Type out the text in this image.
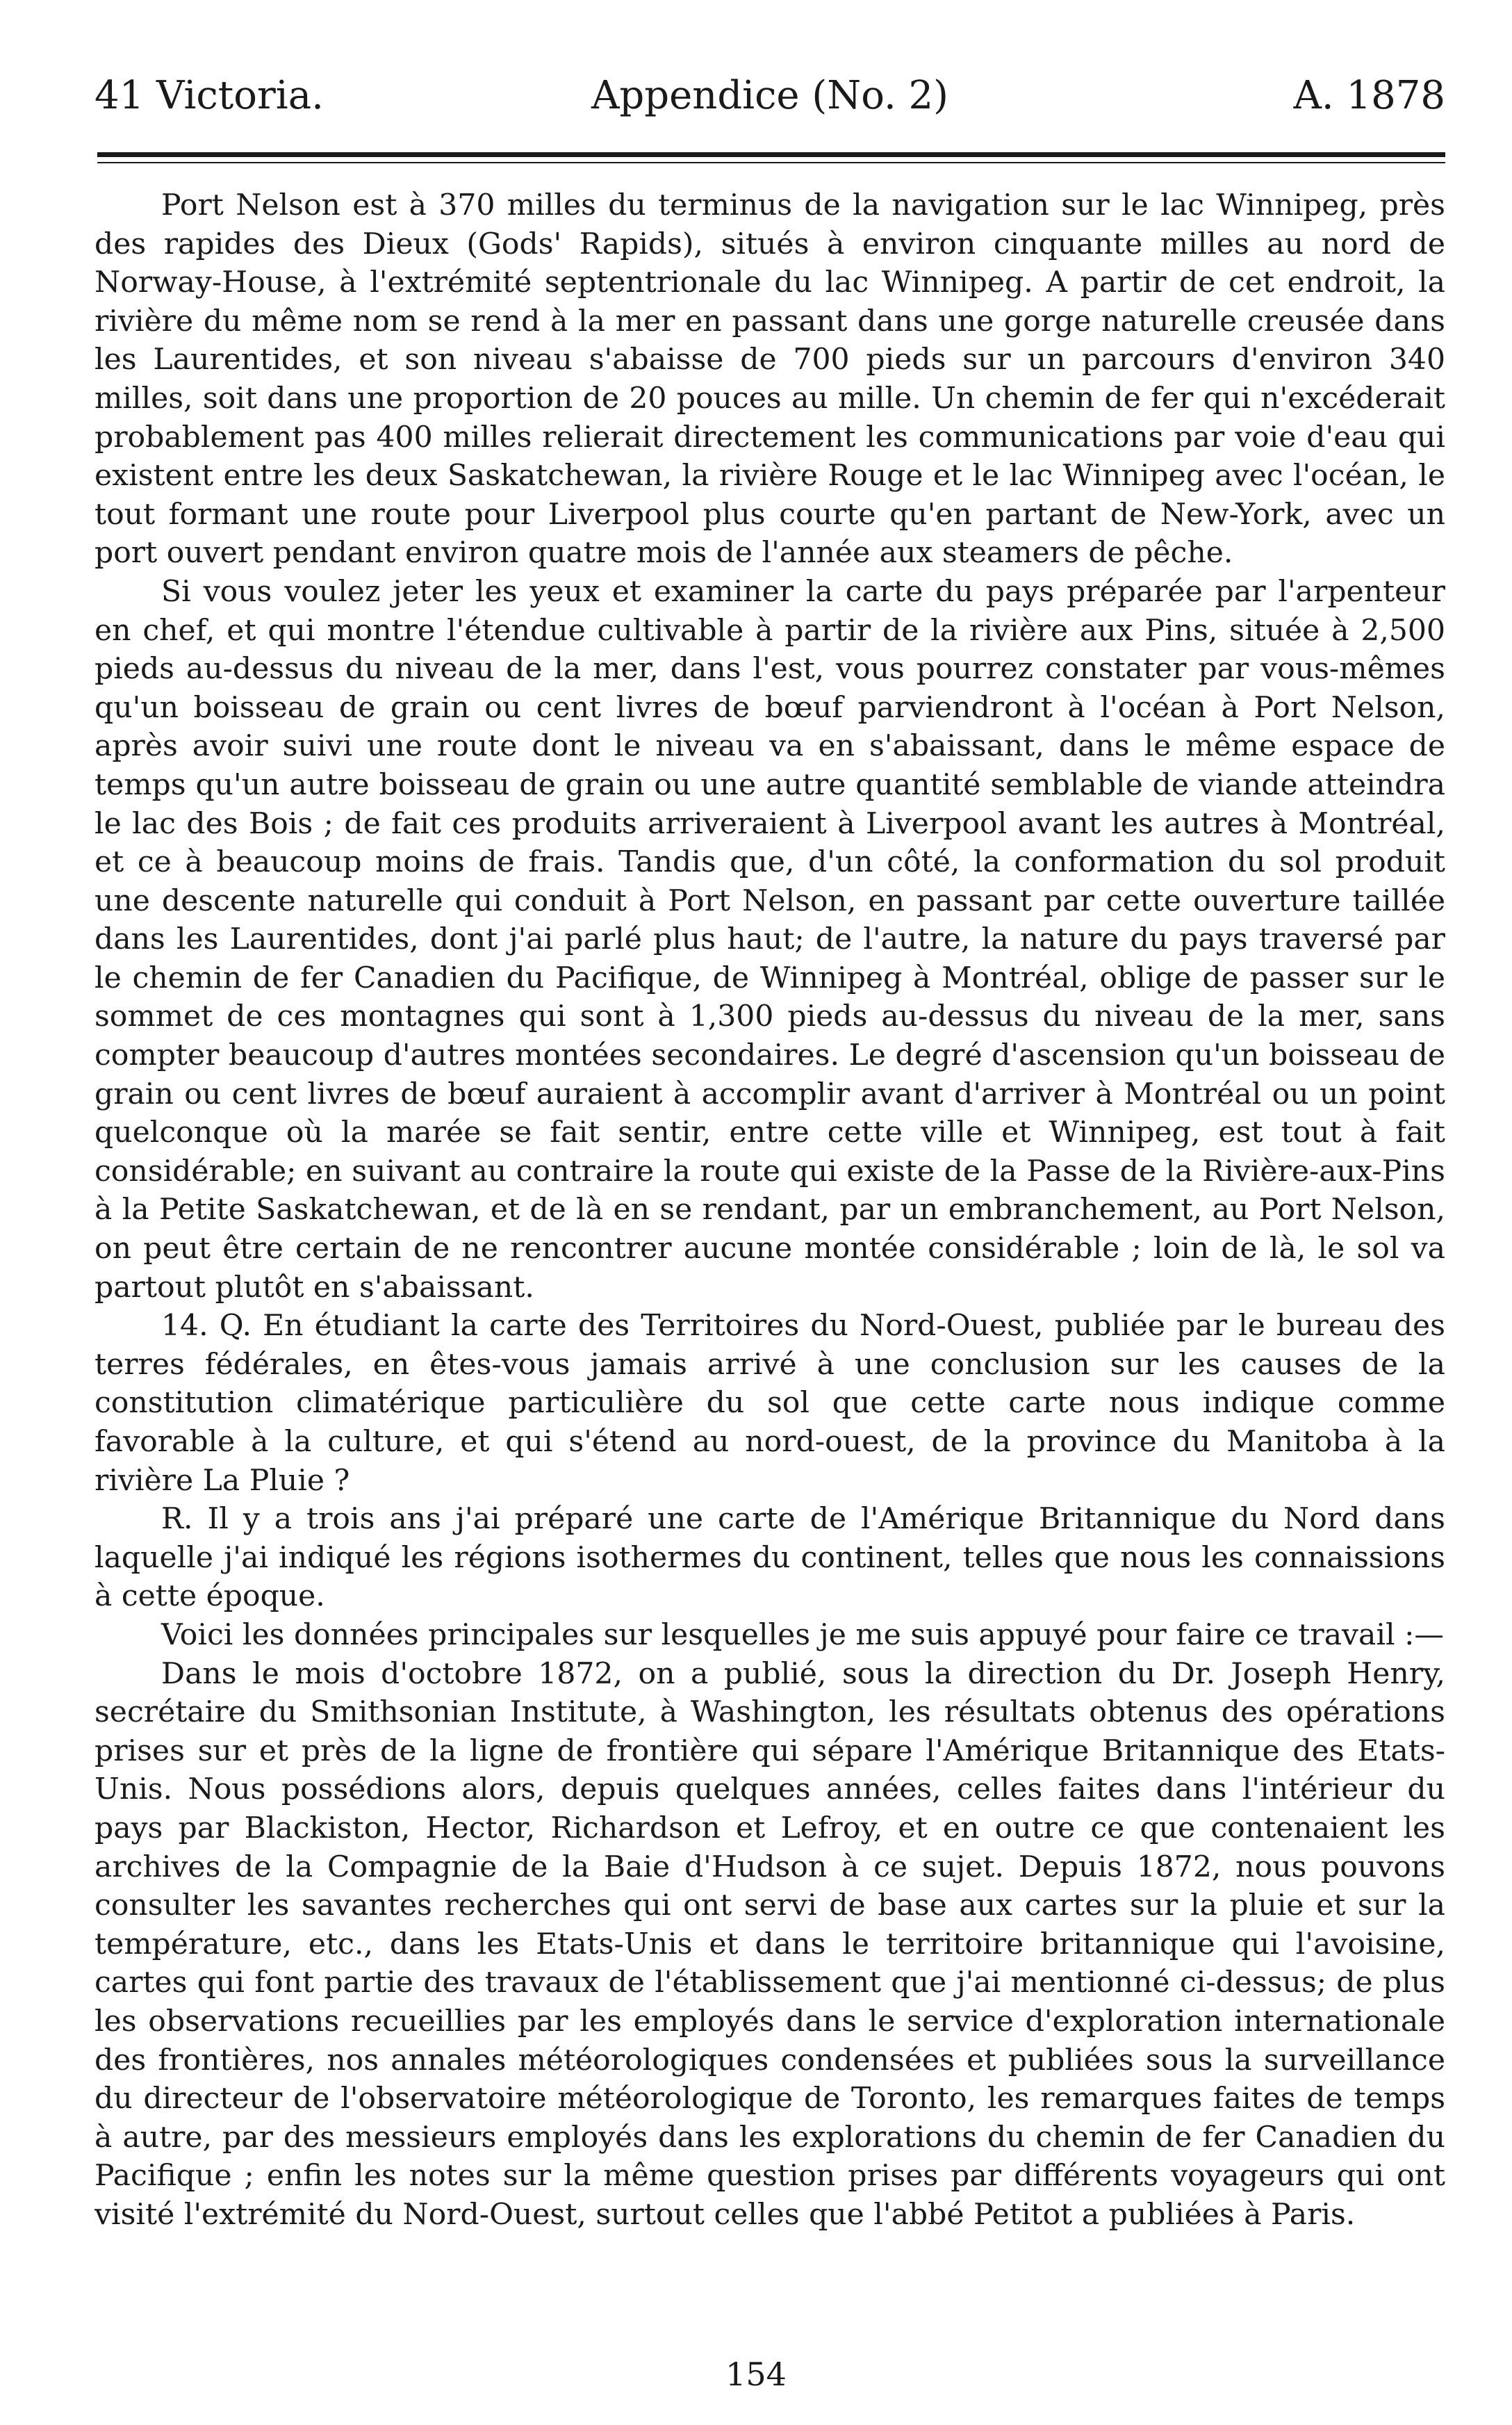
41 Victoria.	Appendice (No. 2)	A. 1878

Port Nelson est à 370 milles du terminus de la navigation sur le lac Winnipeg, près des rapides des Dieux (Gods' Rapids), situés à environ cinquante milles au nord de Norway-House, à l'extrémité septentrionale du lac Winnipeg. A partir de cet endroit, la rivière du même nom se rend à la mer en passant dans une gorge naturelle creusée dans les Laurentides, et son niveau s'abaisse de 700 pieds sur un parcours d'environ 340 milles, soit dans une proportion de 20 pouces au mille. Un chemin de fer qui n'excéderait probablement pas 400 milles relierait directement les communications par voie d'eau qui existent entre les deux Saskatchewan, la rivière Rouge et le lac Winnipeg avec l'océan, le tout formant une route pour Liverpool plus courte qu'en partant de New-York, avec un port ouvert pendant environ quatre mois de l'année aux steamers de pêche.

Si vous voulez jeter les yeux et examiner la carte du pays préparée par l'arpenteur en chef, et qui montre l'étendue cultivable à partir de la rivière aux Pins, située à 2,500 pieds au-dessus du niveau de la mer, dans l'est, vous pourrez constater par vous-mêmes qu'un boisseau de grain ou cent livres de bœuf parviendront à l'océan à Port Nelson, après avoir suivi une route dont le niveau va en s'abaissant, dans le même espace de temps qu'un autre boisseau de grain ou une autre quantité semblable de viande atteindra le lac des Bois ; de fait ces produits arriveraient à Liverpool avant les autres à Montréal, et ce à beaucoup moins de frais. Tandis que, d'un côté, la conformation du sol produit une descente naturelle qui conduit à Port Nelson, en passant par cette ouverture taillée dans les Laurentides, dont j'ai parlé plus haut; de l'autre, la nature du pays traversé par le chemin de fer Canadien du Pacifique, de Winnipeg à Montréal, oblige de passer sur le sommet de ces montagnes qui sont à 1,300 pieds au-dessus du niveau de la mer, sans compter beaucoup d'autres montées secondaires. Le degré d'ascension qu'un boisseau de grain ou cent livres de bœuf auraient à accomplir avant d'arriver à Montréal ou un point quelconque où la marée se fait sentir, entre cette ville et Winnipeg, est tout à fait considérable; en suivant au contraire la route qui existe de la Passe de la Rivière-aux-Pins à la Petite Saskatchewan, et de là en se rendant, par un embranchement, au Port Nelson, on peut être certain de ne rencontrer aucune montée considérable ; loin de là, le sol va partout plutôt en s'abaissant.

14. Q. En étudiant la carte des Territoires du Nord-Ouest, publiée par le bureau des terres fédérales, en êtes-vous jamais arrivé à une conclusion sur les causes de la constitution climatérique particulière du sol que cette carte nous indique comme favorable à la culture, et qui s'étend au nord-ouest, de la province du Manitoba à la rivière La Pluie ?

R. Il y a trois ans j'ai préparé une carte de l'Amérique Britannique du Nord dans laquelle j'ai indiqué les régions isothermes du continent, telles que nous les connaissions à cette époque.

Voici les données principales sur lesquelles je me suis appuyé pour faire ce travail :—

Dans le mois d'octobre 1872, on a publié, sous la direction du Dr. Joseph Henry, secrétaire du Smithsonian Institute, à Washington, les résultats obtenus des opérations prises sur et près de la ligne de frontière qui sépare l'Amérique Britannique des Etats-Unis. Nous possédions alors, depuis quelques années, celles faites dans l'intérieur du pays par Blackiston, Hector, Richardson et Lefroy, et en outre ce que contenaient les archives de la Compagnie de la Baie d'Hudson à ce sujet. Depuis 1872, nous pouvons consulter les savantes recherches qui ont servi de base aux cartes sur la pluie et sur la température, etc., dans les Etats-Unis et dans le territoire britannique qui l'avoisine, cartes qui font partie des travaux de l'établissement que j'ai mentionné ci-dessus; de plus les observations recueillies par les employés dans le service d'exploration internationale des frontières, nos annales météorologiques condensées et publiées sous la surveillance du directeur de l'observatoire météorologique de Toronto, les remarques faites de temps à autre, par des messieurs employés dans les explorations du chemin de fer Canadien du Pacifique ; enfin les notes sur la même question prises par différents voyageurs qui ont visité l'extrémité du Nord-Ouest, surtout celles que l'abbé Petitot a publiées à Paris.

154
